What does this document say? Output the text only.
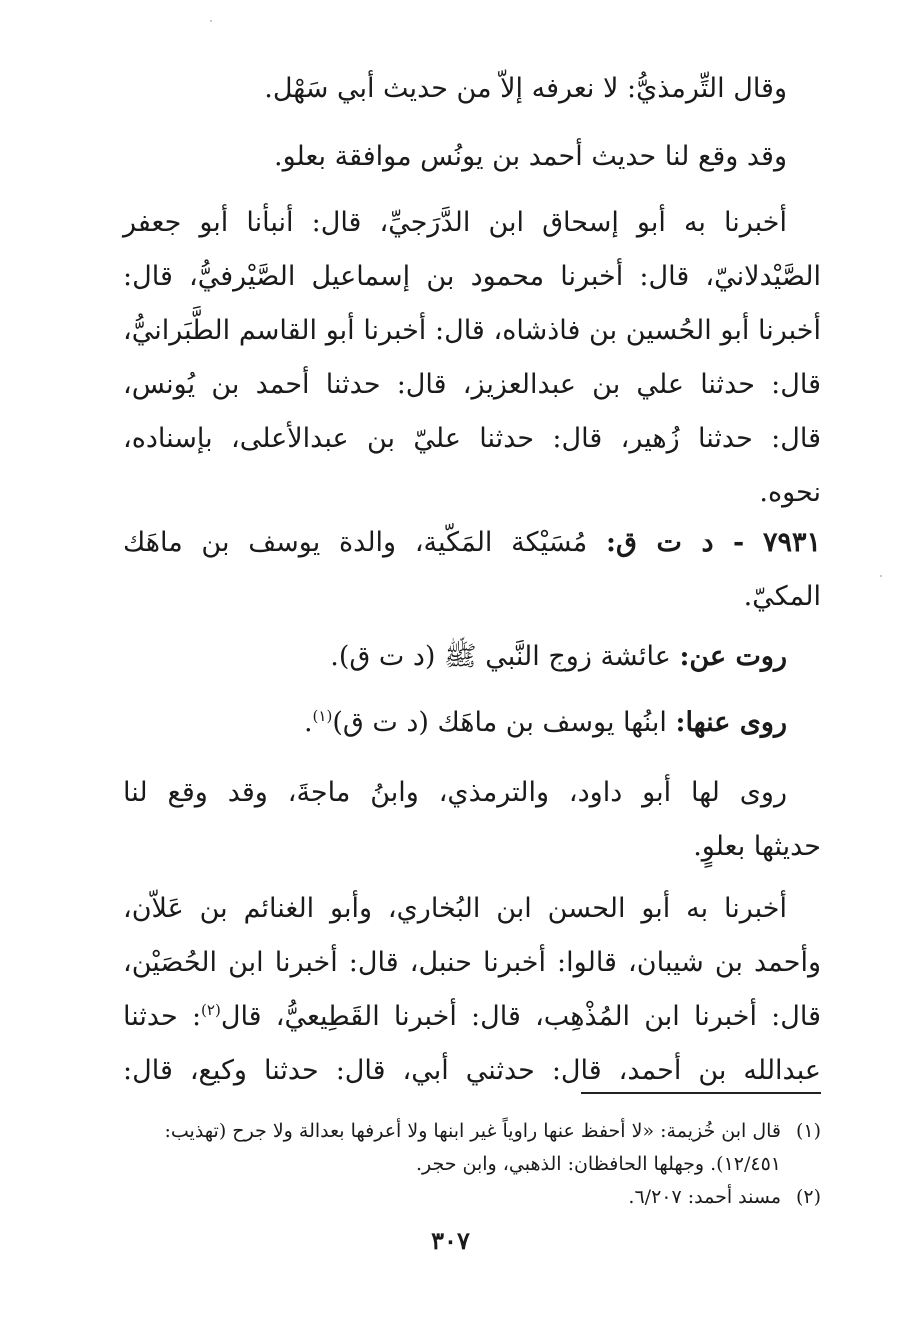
وقال التِّرمذيُّ: لا نعرفه إلاّ من حديث أبي سَهْل.
وقد وقع لنا حديث أحمد بن يونُس موافقة بعلو.
أخبرنا به أبو إسحاق ابن الدَّرَجيِّ، قال: أنبأنا أبو جعفر
الصَّيْدلانيّ، قال: أخبرنا محمود بن إسماعيل الصَّيْرفيُّ، قال:
أخبرنا أبو الحُسين بن فاذشاه، قال: أخبرنا أبو القاسم الطَّبَرانيُّ،
قال: حدثنا علي بن عبدالعزيز، قال: حدثنا أحمد بن يُونس،
قال: حدثنا زُهير، قال: حدثنا عليّ بن عبدالأعلى، بإسناده،
نحوه.
٧٩٣١ - د ت ق: مُسَيْكة المَكّية، والدة يوسف بن ماهَك
المكيّ.
روت عن: عائشة زوج النَّبي ﷺ (د ت ق).
روى عنها: ابنُها يوسف بن ماهَك (د ت ق)$^{(١)}$.
روى لها أبو داود، والترمذي، وابنُ ماجةَ، وقد وقع لنا
حديثها بعلوٍ.
أخبرنا به أبو الحسن ابن البُخاري، وأبو الغنائم بن عَلاّن،
وأحمد بن شيبان، قالوا: أخبرنا حنبل، قال: أخبرنا ابن الحُصَيْن،
قال: أخبرنا ابن المُذْهِب، قال: أخبرنا القَطِيعيُّ، قال$^{(٢)}$: حدثنا
عبدالله بن أحمد، قال: حدثني أبي، قال: حدثنا وكيع، قال:
(١)قال ابن خُزيمة: «لا أحفظ عنها راوياً غير ابنها ولا أعرفها بعدالة ولا جرح (تهذيب:
١٢/٤٥١). وجهلها الحافظان: الذهبي، وابن حجر.
(٢)مسند أحمد: ٦/٢٠٧.
٣٠٧
